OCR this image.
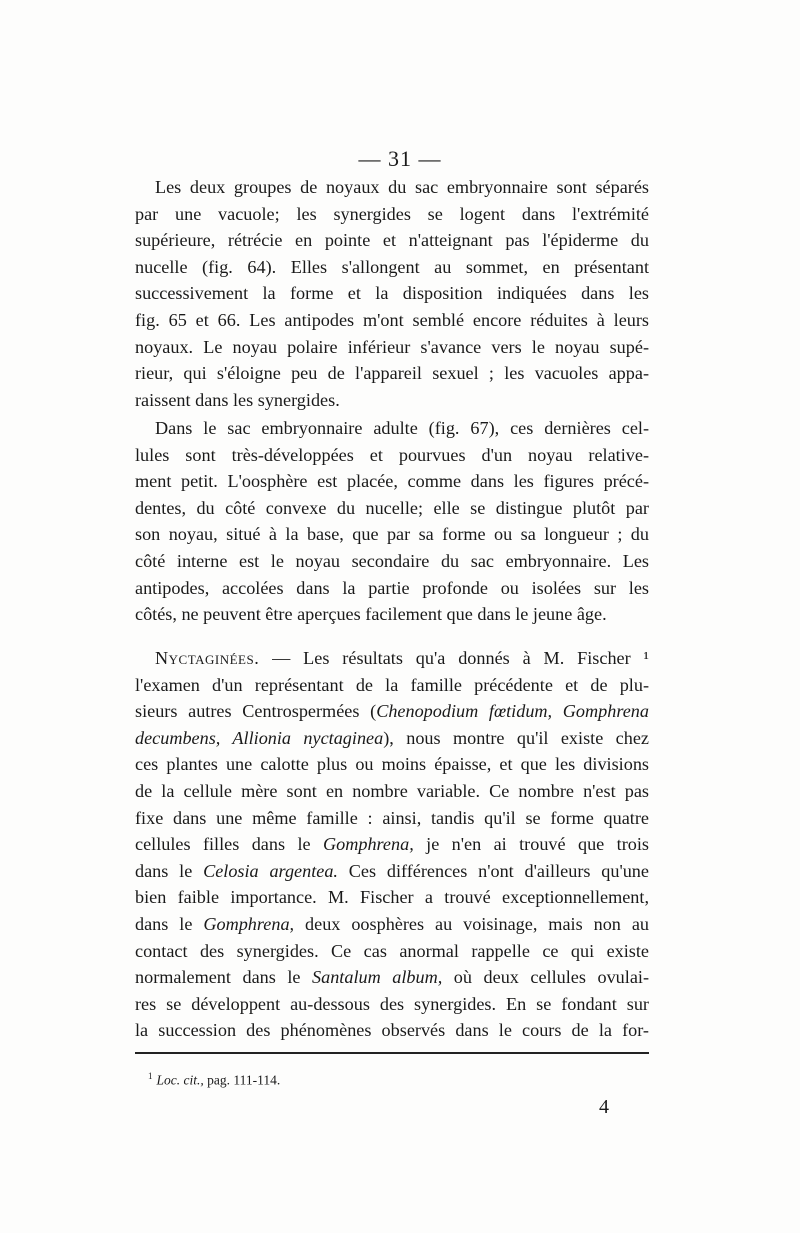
— 31 —
Les deux groupes de noyaux du sac embryonnaire sont séparés
par une vacuole; les synergides se logent dans l'extrémité
supérieure, rétrécie en pointe et n'atteignant pas l'épiderme du
nucelle (fig. 64). Elles s'allongent au sommet, en présentant
successivement la forme et la disposition indiquées dans les
fig. 65 et 66. Les antipodes m'ont semblé encore réduites à leurs
noyaux. Le noyau polaire inférieur s'avance vers le noyau supé-
rieur, qui s'éloigne peu de l'appareil sexuel ; les vacuoles appa-
raissent dans les synergides.
Dans le sac embryonnaire adulte (fig. 67), ces dernières cel-
lules sont très-développées et pourvues d'un noyau relative-
ment petit. L'oosphère est placée, comme dans les figures précé-
dentes, du côté convexe du nucelle; elle se distingue plutôt par
son noyau, situé à la base, que par sa forme ou sa longueur ; du
côté interne est le noyau secondaire du sac embryonnaire. Les
antipodes, accolées dans la partie profonde ou isolées sur les
côtés, ne peuvent être aperçues facilement que dans le jeune âge.
Nyctaginées. — Les résultats qu'a donnés à M. Fischer ¹
l'examen d'un représentant de la famille précédente et de plu-
sieurs autres Centrospermées (Chenopodium fœtidum, Gomphrena
decumbens, Allionia nyctaginea), nous montre qu'il existe chez
ces plantes une calotte plus ou moins épaisse, et que les divisions
de la cellule mère sont en nombre variable. Ce nombre n'est pas
fixe dans une même famille : ainsi, tandis qu'il se forme quatre
cellules filles dans le Gomphrena, je n'en ai trouvé que trois
dans le Celosia argentea. Ces différences n'ont d'ailleurs qu'une
bien faible importance. M. Fischer a trouvé exceptionnellement,
dans le Gomphrena, deux oosphères au voisinage, mais non au
contact des synergides. Ce cas anormal rappelle ce qui existe
normalement dans le Santalum album, où deux cellules ovulai-
res se développent au-dessous des synergides. En se fondant sur
la succession des phénomènes observés dans le cours de la for-
$^1$ Loc. cit., pag. 111-114.
4
